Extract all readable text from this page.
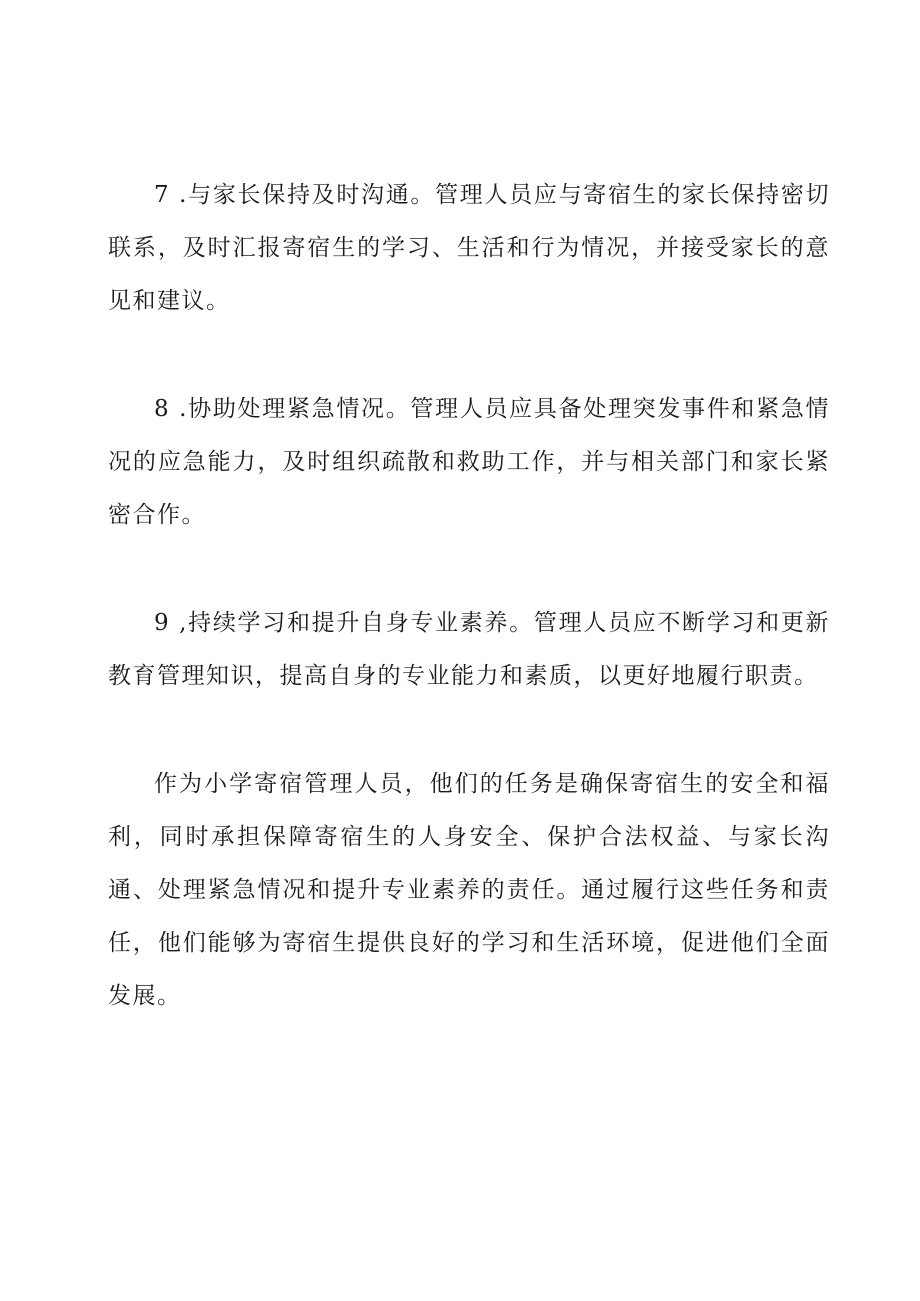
7 .与家长保持及时沟通。管理人员应与寄宿生的家长保持密切联系，及时汇报寄宿生的学习、生活和行为情况，并接受家长的意见和建议。

8 .协助处理紧急情况。管理人员应具备处理突发事件和紧急情况的应急能力，及时组织疏散和救助工作，并与相关部门和家长紧密合作。

9 ,持续学习和提升自身专业素养。管理人员应不断学习和更新教育管理知识，提高自身的专业能力和素质，以更好地履行职责。

作为小学寄宿管理人员，他们的任务是确保寄宿生的安全和福利，同时承担保障寄宿生的人身安全、保护合法权益、与家长沟通、处理紧急情况和提升专业素养的责任。通过履行这些任务和责任，他们能够为寄宿生提供良好的学习和生活环境，促进他们全面发展。
